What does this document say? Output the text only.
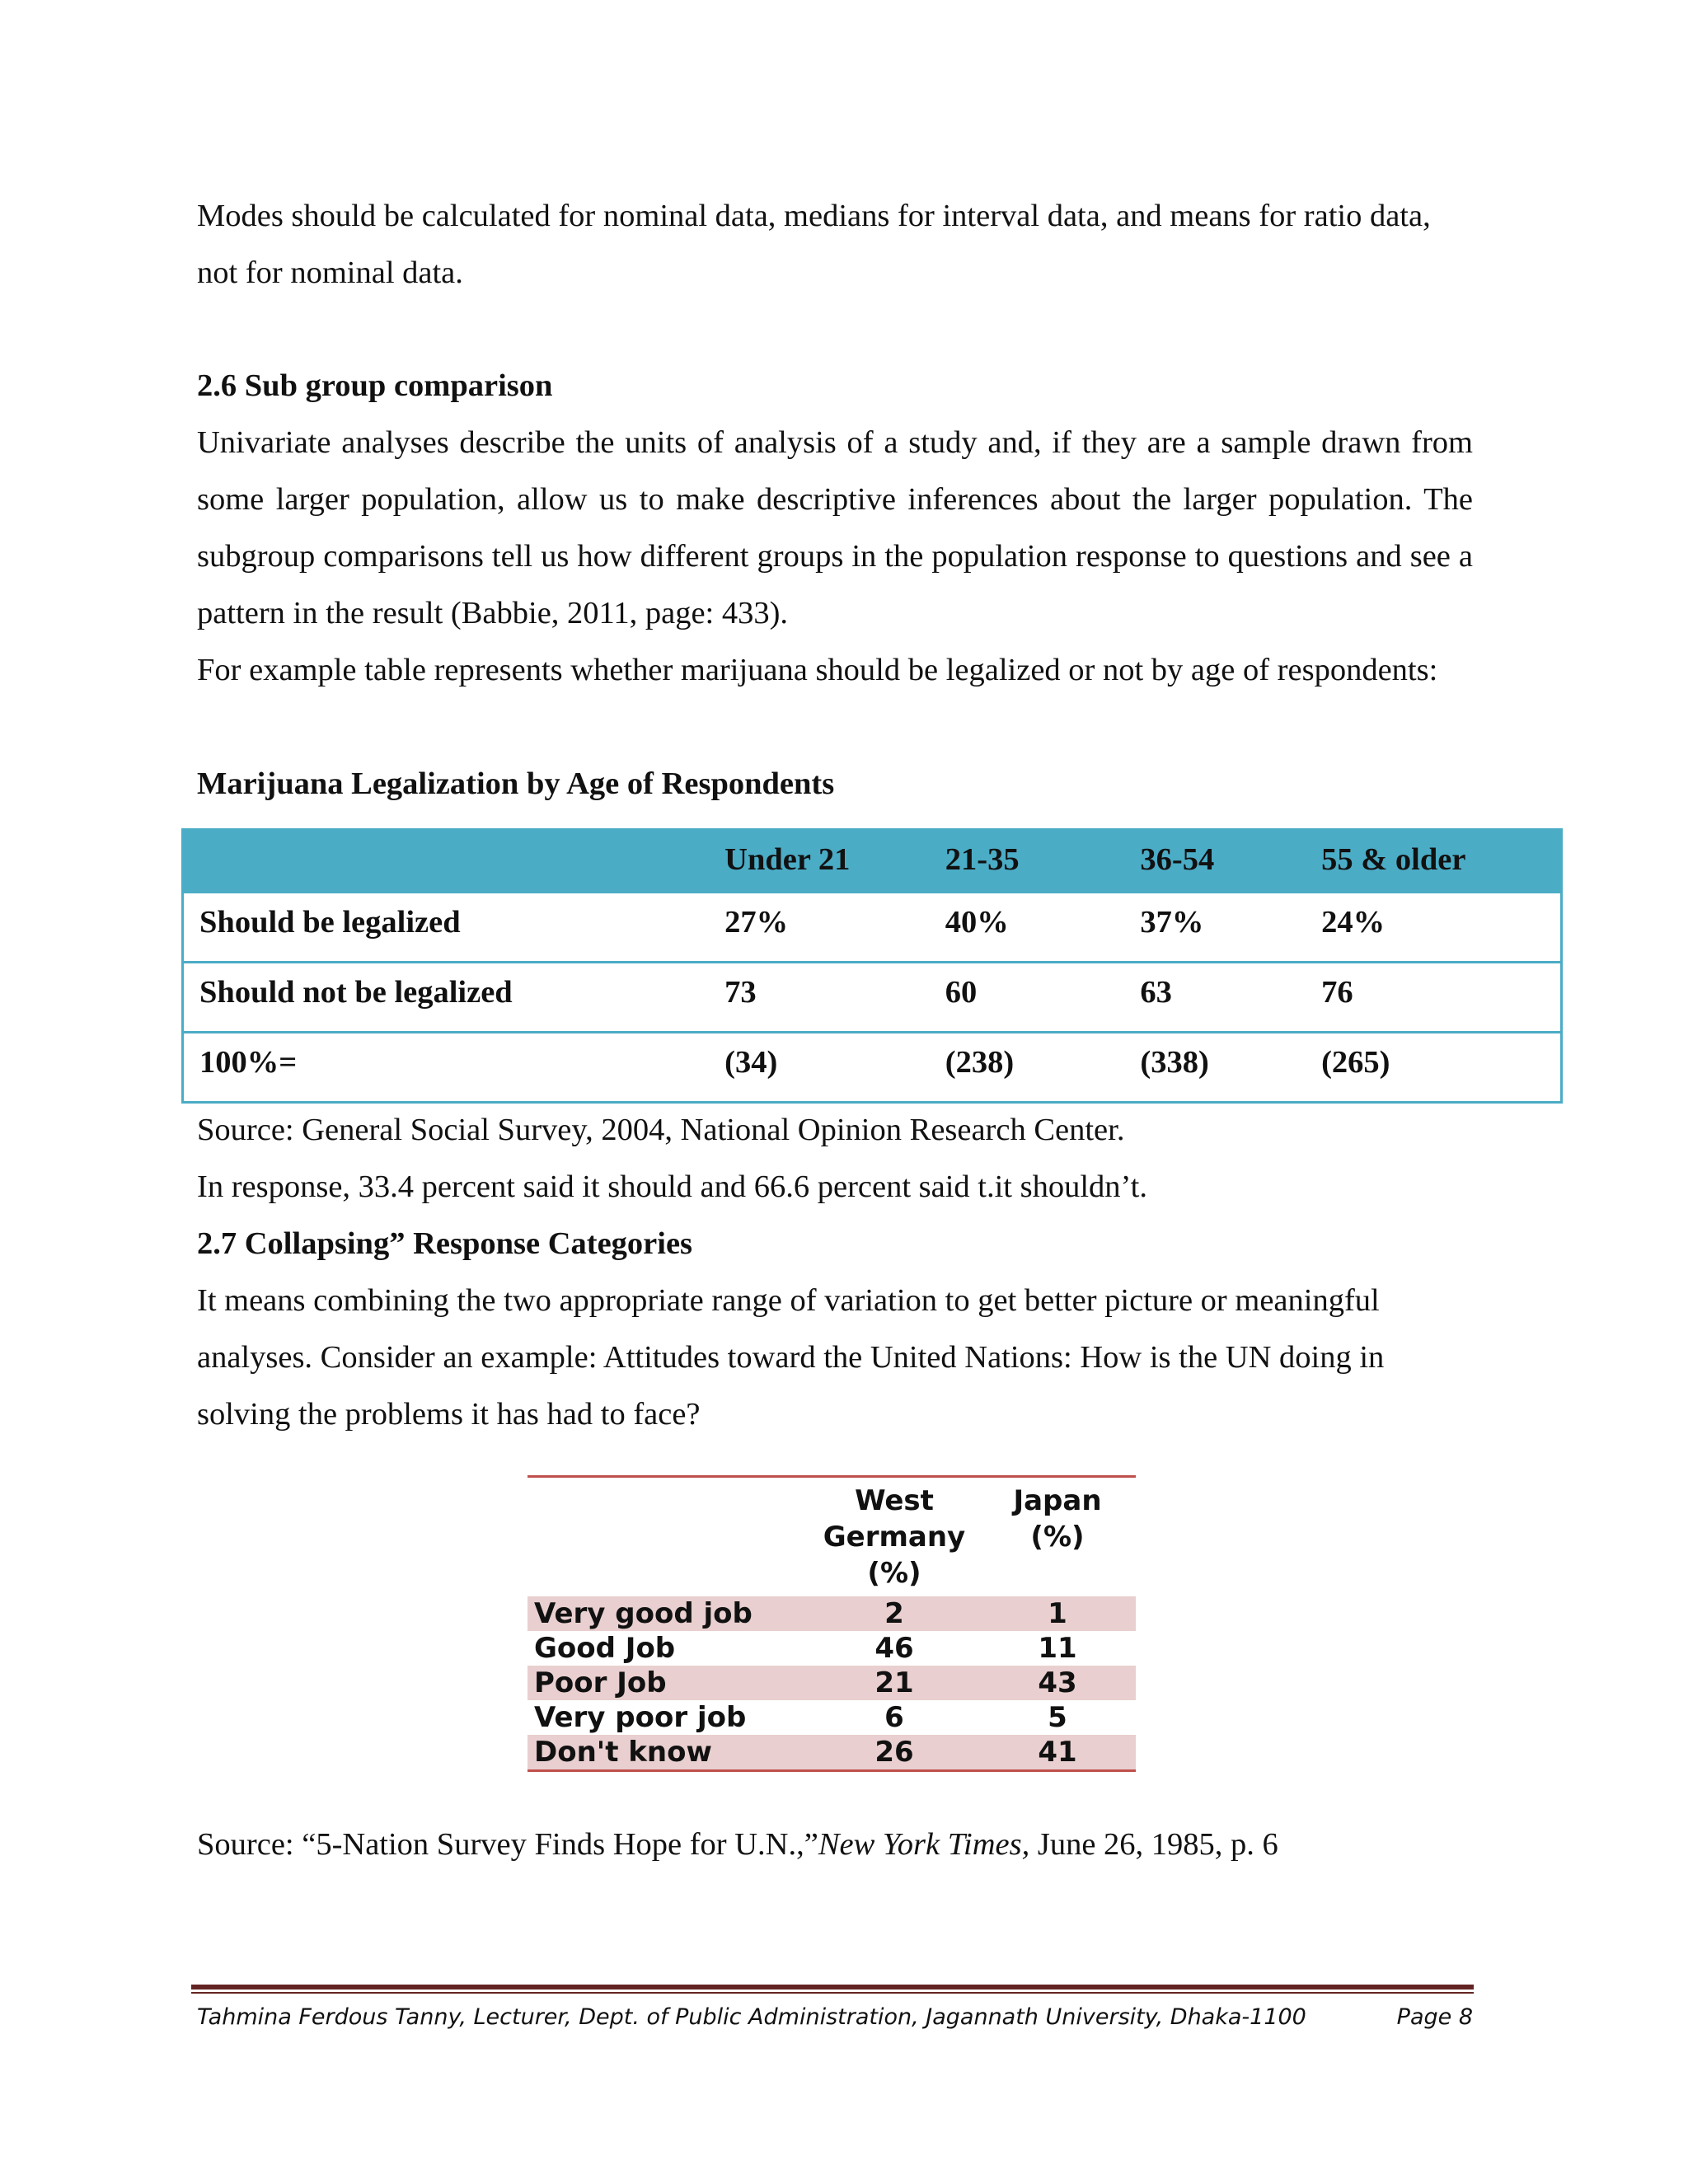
Modes should be calculated for nominal data, medians for interval data, and means for ratio data,
not for nominal data.
2.6 Sub group comparison
Univariate analyses describe the units of analysis of a study and, if they are a sample drawn from some larger population, allow us to make descriptive inferences about the larger population. The subgroup comparisons tell us how different groups in the population response to questions and see a pattern in the result (Babbie, 2011, page: 433).
For example table represents whether marijuana should be legalized or not by age of respondents:
Marijuana Legalization by Age of Respondents
	Under 21	21-35	36-54	55 & older
Should be legalized	27%	40%	37%	24%
Should not be legalized	73	60	63	76
100%=	(34)	(238)	(338)	(265)
Source: General Social Survey, 2004, National Opinion Research Center.
In response, 33.4 percent said it should and 66.6 percent said t.it shouldn’t.
2.7 Collapsing” Response Categories
It means combining the two appropriate range of variation to get better picture or meaningful analyses. Consider an example: Attitudes toward the United Nations: How is the UN doing in solving the problems it has had to face?
	West Germany (%)	Japan (%)
Very good job	2	1
Good Job	46	11
Poor Job	21	43
Very poor job	6	5
Don't know	26	41
Source: “5-Nation Survey Finds Hope for U.N.,”New York Times, June 26, 1985, p. 6
Tahmina Ferdous Tanny, Lecturer, Dept. of Public Administration, Jagannath University, Dhaka-1100	Page 8
